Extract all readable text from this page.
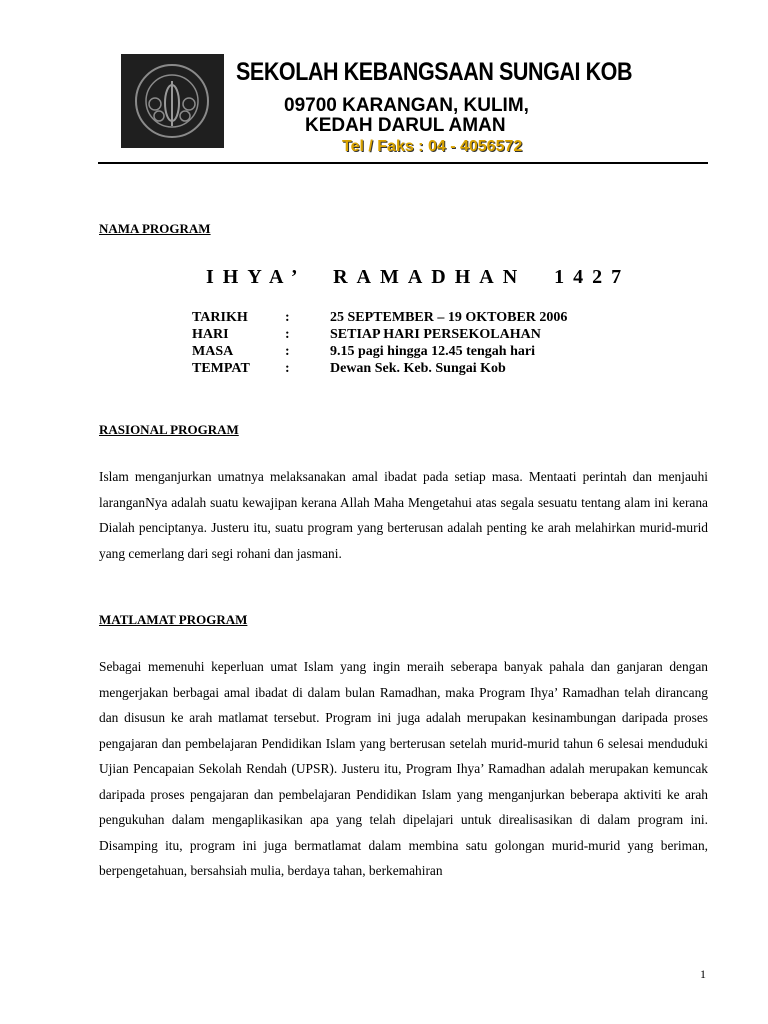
SEKOLAH KEBANGSAAN SUNGAI KOB
09700 KARANGAN, KULIM,
KEDAH DARUL AMAN
Tel / Faks : 04 - 4056572
NAMA PROGRAM
IHYA’  RAMADHAN  1427
TARIKH	:	25 SEPTEMBER – 19 OKTOBER 2006
HARI	:	SETIAP HARI PERSEKOLAHAN
MASA	:	9.15 pagi hingga 12.45 tengah hari
TEMPAT	:	Dewan Sek. Keb. Sungai Kob
RASIONAL PROGRAM

Islam menganjurkan umatnya melaksanakan amal ibadat pada setiap masa. Mentaati perintah dan menjauhi laranganNya adalah suatu kewajipan kerana Allah Maha Mengetahui atas segala sesuatu tentang alam ini kerana Dialah penciptanya. Justeru itu, suatu program yang berterusan adalah penting ke arah melahirkan murid-murid yang cemerlang dari segi rohani dan jasmani.

MATLAMAT PROGRAM

Sebagai memenuhi keperluan umat Islam yang ingin meraih seberapa banyak pahala dan ganjaran dengan mengerjakan berbagai amal ibadat di dalam bulan Ramadhan, maka Program Ihya’ Ramadhan telah dirancang dan disusun ke arah matlamat tersebut. Program ini juga adalah merupakan kesinambungan daripada proses pengajaran dan pembelajaran Pendidikan Islam yang berterusan setelah murid-murid tahun 6 selesai menduduki Ujian Pencapaian Sekolah Rendah (UPSR). Justeru itu, Program Ihya’ Ramadhan adalah merupakan kemuncak daripada proses pengajaran dan pembelajaran Pendidikan Islam yang menganjurkan beberapa aktiviti ke arah pengukuhan dalam mengaplikasikan apa yang telah dipelajari untuk direalisasikan di dalam program ini. Disamping itu, program ini juga bermatlamat dalam membina satu golongan murid-murid yang beriman, berpengetahuan, bersahsiah mulia, berdaya tahan, berkemahiran

1
